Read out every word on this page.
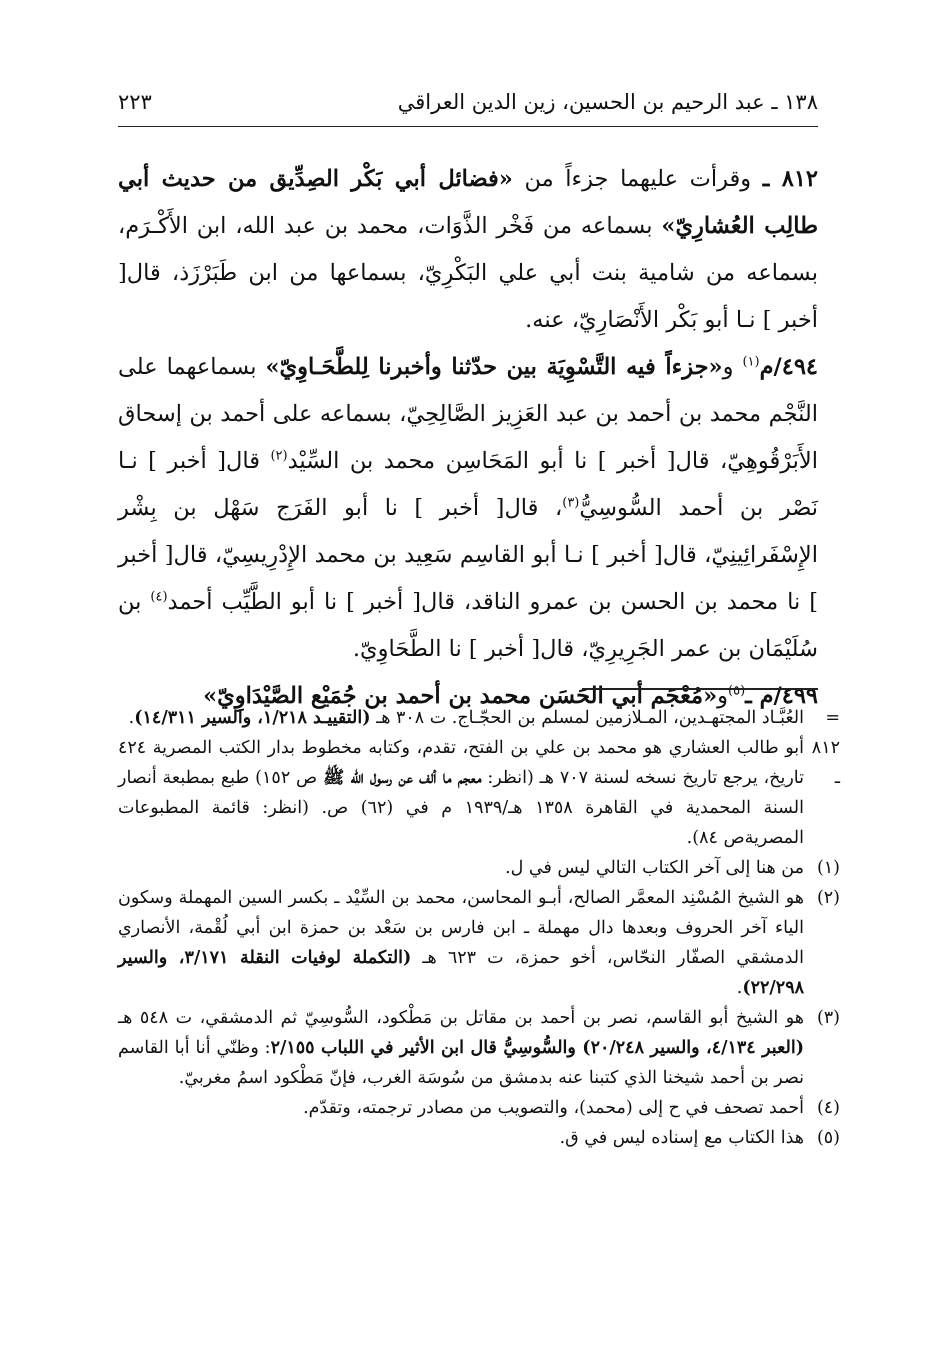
١٣٨ ـ عبد الرحيم بن الحسين، زين الدين العراقي
٢٢٣

٨١٢ ـ وقرأت عليهما جزءاً من «فضائل أبي بَكْر الصِدِّيق من حديث أبي طالِب العُشارِيّ» بسماعه من فَخْر الذَّوَات، محمد بن عبد الله، ابن الأَكْـرَم، بسماعه من شامية بنت أبي علي البَكْرِيّ، بسماعها من ابن طَبَرْزَذ، قال[ أخبر ] نـا أبو بَكْر الأَنْصَارِيّ، عنه.

٤٩٤/م$^{(١)}$ و«جزءاً فيه التَّسْوِيَة بين حدّثنا وأخبرنا لِلطَّحَـاوِيّ» بسماعهما على النَّجْم محمد بن أحمد بن عبد العَزِيز الصَّالِحِيّ، بسماعه على أحمد بن إسحاق الأَبَرْقُوهِيّ، قال[ أخبر ] نا أبو المَحَاسِن محمد بن السِّيْد$^{(٢)}$ قال[ أخبر ] نـا نَصْر بن أحمد السُّوسِيُّ$^{(٣)}$، قال[ أخبر ] نا أبو الفَرَج سَهْل بن بِشْر الإِسْفَرائِينِيّ، قال[ أخبر ] نـا أبو القاسِم سَعِيد بن محمد الإِدْرِيسِيّ، قال[ أخبر ] نا محمد بن الحسن بن عمرو الناقد، قال[ أخبر ] نا أبو الطَّيِّب أحمد$^{(٤)}$ بن سُلَيْمَان بن عمر الجَرِيرِيّ، قال[ أخبر ] نا الطَّحَاوِيّ.

٤٩٩/م ـ$^{(٥)}$و«مُعْجَم أبي الحَسَن محمد بن أحمد بن جُمَيْع الصَّيْدَاوِيّ»

=
العُبَّـاد المجتهـدين، المـلازمين لمسلم بن الحجّـاج. ت ٣٠٨ هـ (التقييـد ١/٢١٨، والسير ١٤/٣١١).

٨١٢ ـ
أبو طالب العشاري هو محمد بن علي بن الفتح، تقدم، وكتابه مخطوط بدار الكتب المصرية ٤٢٤ تاريخ، يرجع تاريخ نسخه لسنة ٧٠٧ هـ (انظر: معجم ما ألف عن رسول الله ﷺ ص ١٥٢) طبع بمطبعة أنصار السنة المحمدية في القاهرة ١٣٥٨ هـ/١٩٣٩ م في (٦٢) ص. (انظر: قائمة المطبوعات المصريةص ٨٤).

(١)
من هنا إلى آخر الكتاب التالي ليس في ل.

(٢)
هو الشيخ المُسْنِد المعمَّر الصالح، أبـو المحاسن، محمد بن السِّيْد ـ بكسر السين المهملة وسكون الياء آخر الحروف وبعدها دال مهملة ـ ابن فارس بن سَعْد بن حمزة ابن أبي لُقْمة، الأنصاري الدمشقي الصفّار النحّاس، أخو حمزة، ت ٦٢٣ هـ (التكملة لوفيات النقلة ٣/١٧١، والسير ٢٢/٢٩٨).

(٣)
هو الشيخ أبو القاسم، نصر بن أحمد بن مقاتل بن مَطْكود، السُّوسِيّ ثم الدمشقي، ت ٥٤٨ هـ (العبر ٤/١٣٤، والسير ٢٠/٢٤٨) والسُّوسِيُّ قال ابن الأثير في اللباب ٢/١٥٥: وظنّي أنا أبا القاسم نصر بن أحمد شيخنا الذي كتبنا عنه بدمشق من سُوسَة الغرب، فإنّ مَطْكود اسمُ مغربيّ.

(٤)
أحمد تصحف في ح إلى (محمد)، والتصويب من مصادر ترجمته، وتقدّم.

(٥)
هذا الكتاب مع إسناده ليس في ق.
